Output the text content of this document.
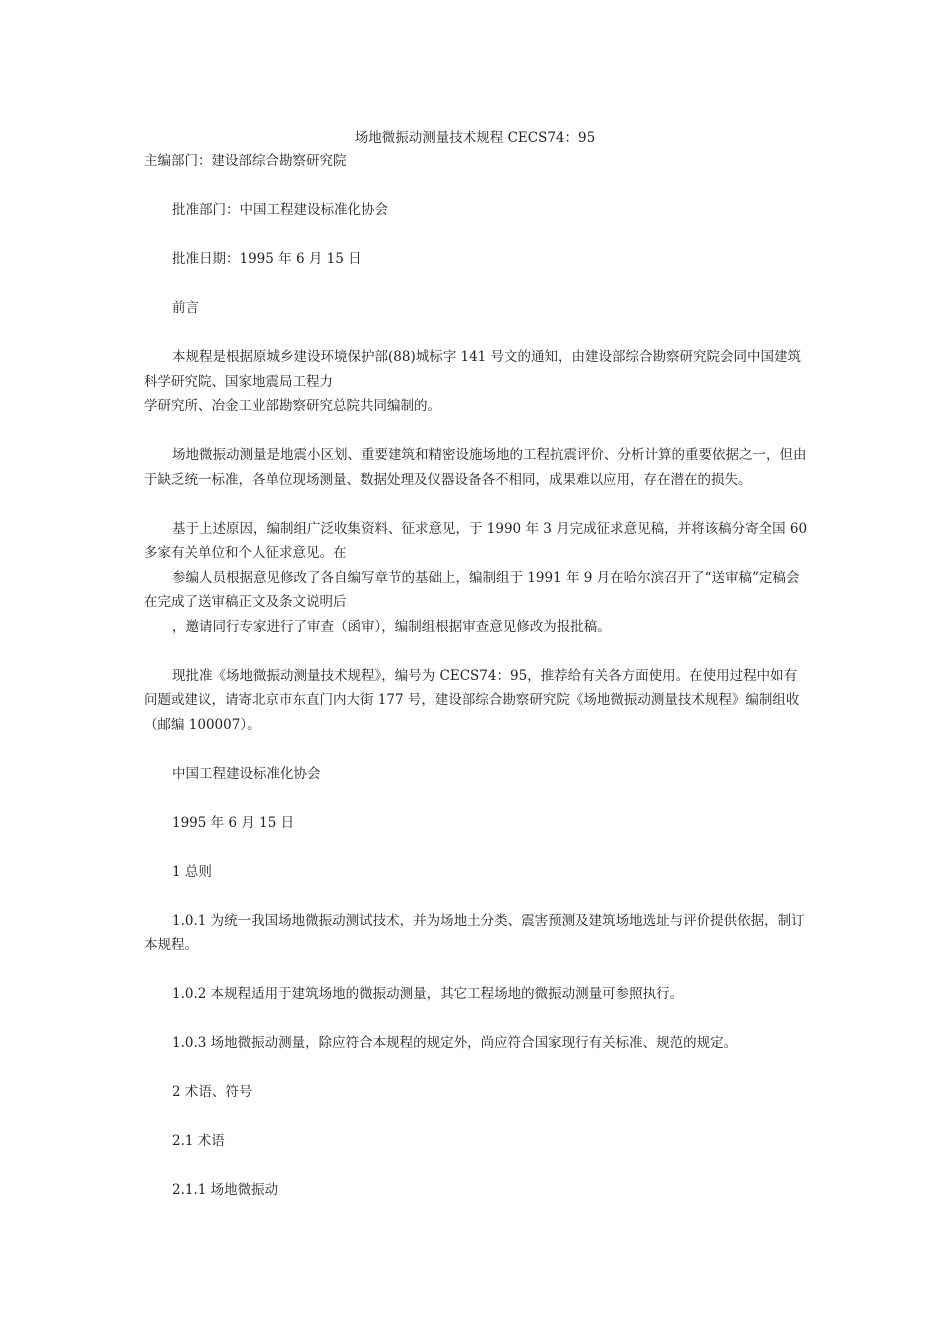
场地微振动测量技术规程 CECS74：95

主编部门：建设部综合勘察研究院

批准部门：中国工程建设标准化协会

批准日期：1995 年 6 月 15 日

前言

本规程是根据原城乡建设环境保护部(88)城标字 141 号文的通知，由建设部综合勘察研究院会同中国建筑科学研究院、国家地震局工程力
学研究所、冶金工业部勘察研究总院共同编制的。

场地微振动测量是地震小区划、重要建筑和精密设施场地的工程抗震评价、分析计算的重要依据之一，但由于缺乏统一标准，各单位现场测量、数据处理及仪器设备各不相同，成果难以应用，存在潜在的损失。

基于上述原因，编制组广泛收集资料、征求意见，于 1990 年 3 月完成征求意见稿，并将该稿分寄全国 60 多家有关单位和个人征求意见。在
参编人员根据意见修改了各自编写章节的基础上，编制组于 1991 年 9 月在哈尔滨召开了“送审稿”定稿会在完成了送审稿正文及条文说明后
，邀请同行专家进行了审查（函审），编制组根据审查意见修改为报批稿。

现批准《场地微振动测量技术规程》，编号为 CECS74：95，推荐给有关各方面使用。在使用过程中如有问题或建议，请寄北京市东直门内大街 177 号，建设部综合勘察研究院《场地微振动测量技术规程》编制组收（邮编 100007）。

中国工程建设标准化协会

1995 年 6 月 15 日

1 总则

1.0.1 为统一我国场地微振动测试技术，并为场地土分类、震害预测及建筑场地选址与评价提供依据，制订本规程。

1.0.2 本规程适用于建筑场地的微振动测量，其它工程场地的微振动测量可参照执行。

1.0.3 场地微振动测量，除应符合本规程的规定外，尚应符合国家现行有关标准、规范的规定。

2 术语、符号

2.1 术语

2.1.1 场地微振动
